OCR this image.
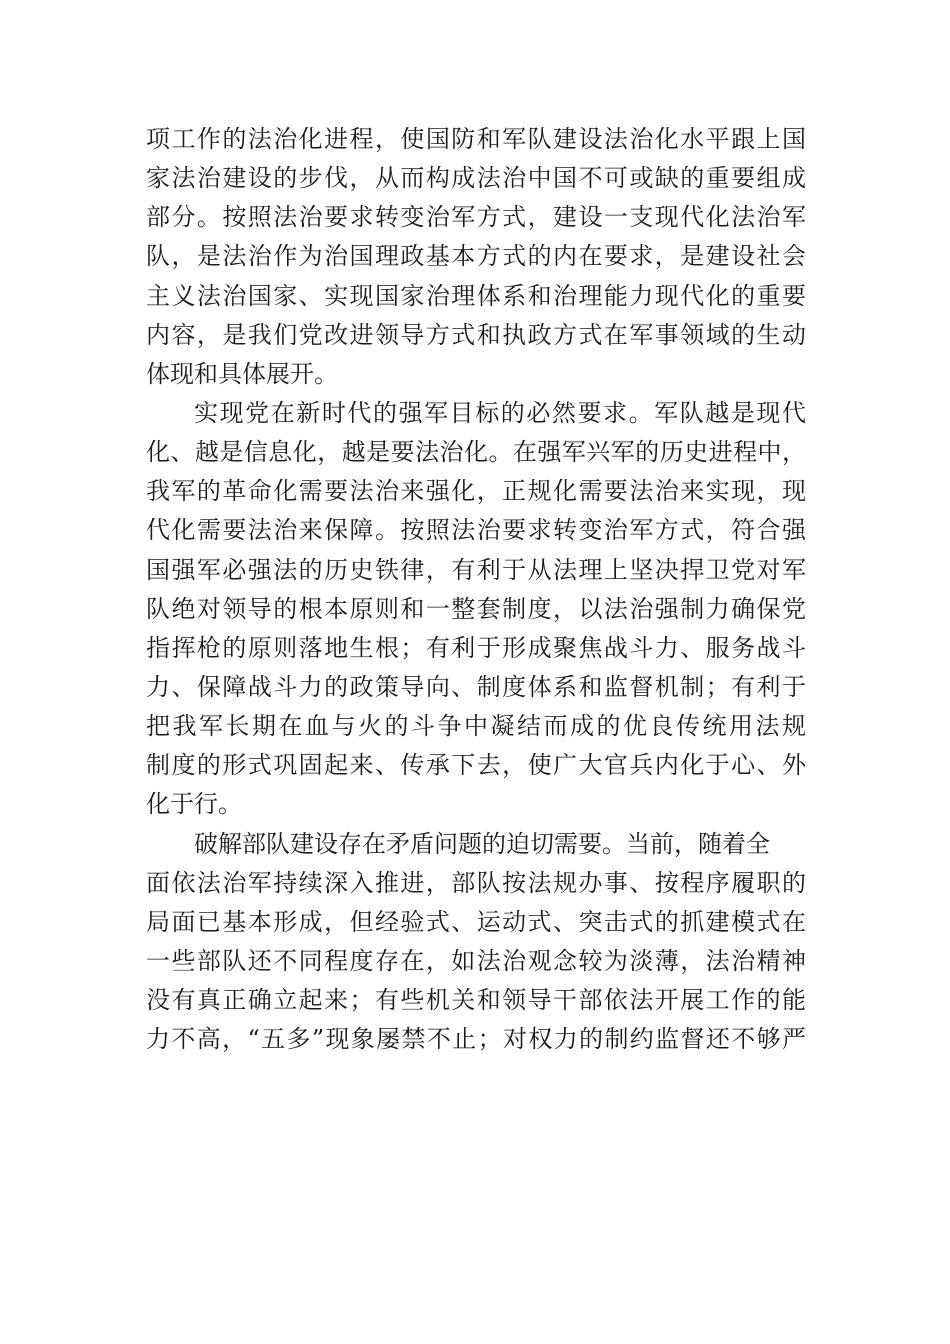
项工作的法治化进程，使国防和军队建设法治化水平跟上国
家法治建设的步伐，从而构成法治中国不可或缺的重要组成
部分。按照法治要求转变治军方式，建设一支现代化法治军
队，是法治作为治国理政基本方式的内在要求，是建设社会
主义法治国家、实现国家治理体系和治理能力现代化的重要
内容，是我们党改进领导方式和执政方式在军事领域的生动
体现和具体展开。
实现党在新时代的强军目标的必然要求。军队越是现代
化、越是信息化，越是要法治化。在强军兴军的历史进程中，
我军的革命化需要法治来强化，正规化需要法治来实现，现
代化需要法治来保障。按照法治要求转变治军方式，符合强
国强军必强法的历史铁律，有利于从法理上坚决捍卫党对军
队绝对领导的根本原则和一整套制度，以法治强制力确保党
指挥枪的原则落地生根；有利于形成聚焦战斗力、服务战斗
力、保障战斗力的政策导向、制度体系和监督机制；有利于
把我军长期在血与火的斗争中凝结而成的优良传统用法规
制度的形式巩固起来、传承下去，使广大官兵内化于心、外
化于行。
破解部队建设存在矛盾问题的迫切需要。当前，随着全
面依法治军持续深入推进，部队按法规办事、按程序履职的
局面已基本形成，但经验式、运动式、突击式的抓建模式在
一些部队还不同程度存在，如法治观念较为淡薄，法治精神
没有真正确立起来；有些机关和领导干部依法开展工作的能
力不高，“五多”现象屡禁不止；对权力的制约监督还不够严
